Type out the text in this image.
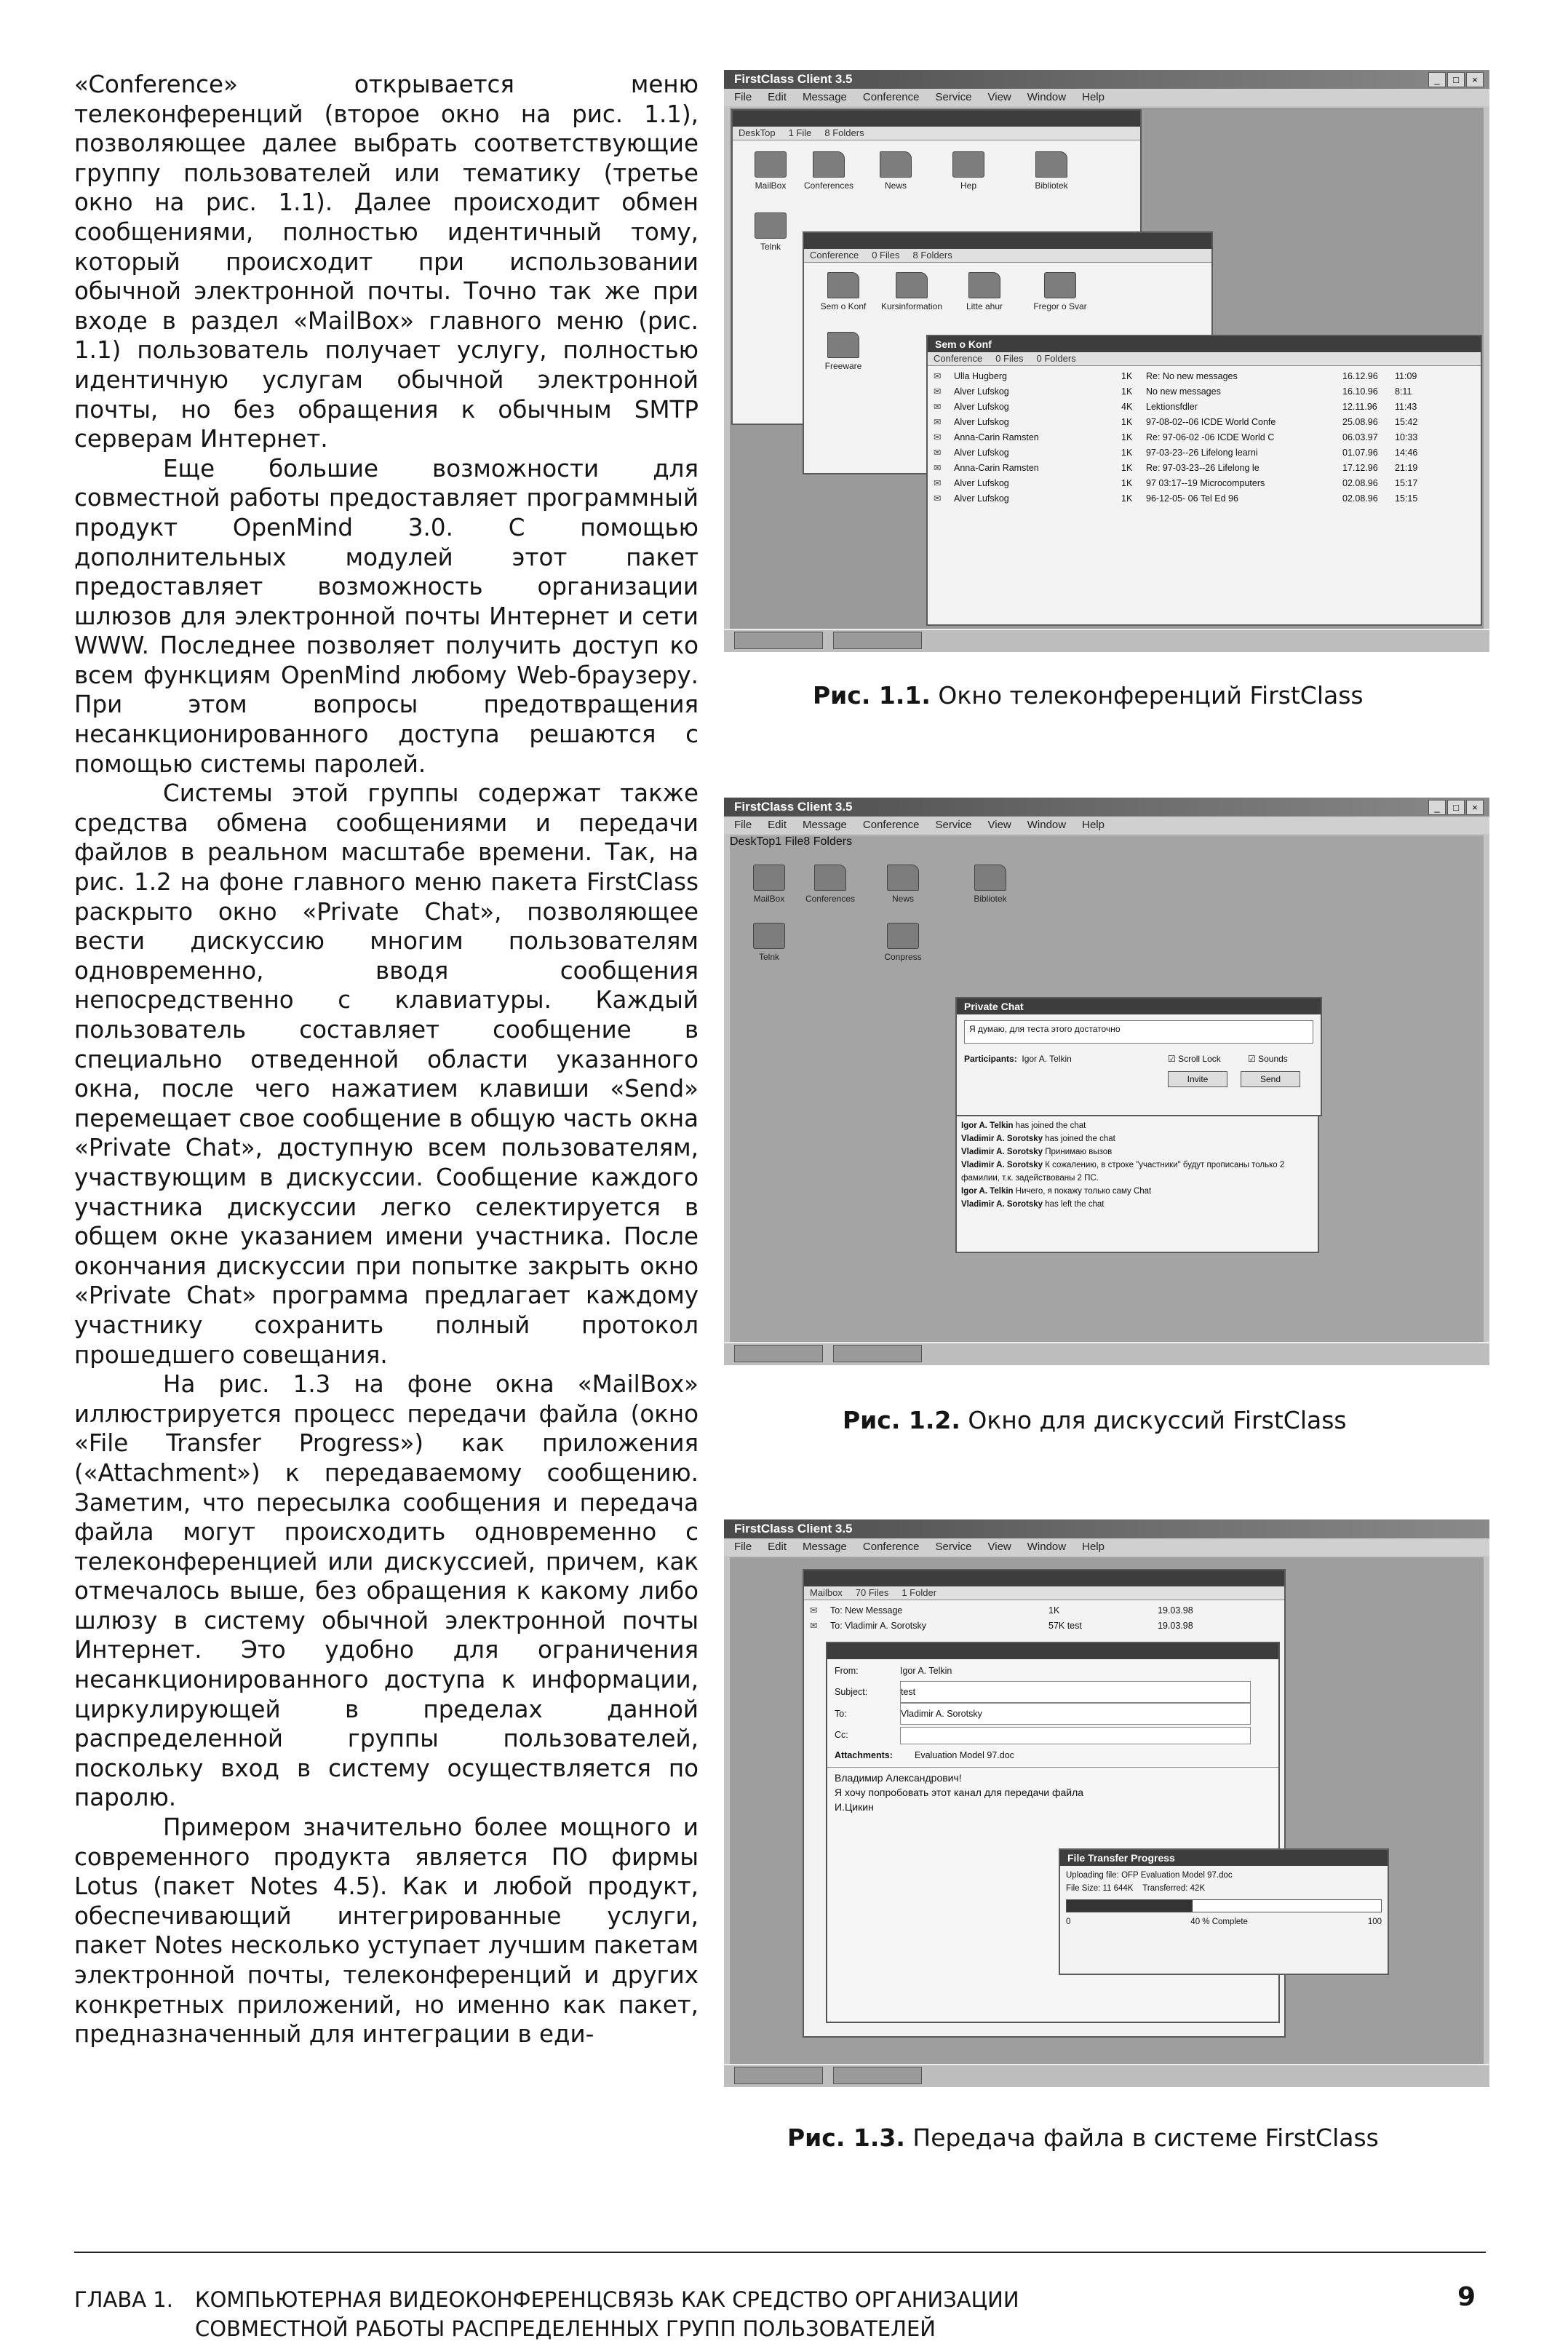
«Conference» открывается меню телеконференций (второе окно на рис. 1.1), позволяющее далее выбрать соответствующие группу пользователей или тематику (третье окно на рис. 1.1). Далее происходит обмен сообщениями, полностью идентичный тому, который происходит при использовании обычной электронной почты. Точно так же при входе в раздел «MailBox» главного меню (рис. 1.1) пользователь получает услугу, полностью идентичную услугам обычной электронной почты, но без обращения к обычным SMTP серверам Интернет.

Еще большие возможности для совместной работы предоставляет программный продукт OpenMind 3.0. С помощью дополнительных модулей этот пакет предоставляет возможность организации шлюзов для электронной почты Интернет и сети WWW. Последнее позволяет получить доступ ко всем функциям OpenMind любому Web-браузеру. При этом вопросы предотвращения несанкционированного доступа решаются с помощью системы паролей.

Системы этой группы содержат также средства обмена сообщениями и передачи файлов в реальном масштабе времени. Так, на рис. 1.2 на фоне главного меню пакета FirstClass раскрыто окно «Private Chat», позволяющее вести дискуссию многим пользователям одновременно, вводя сообщения непосредственно с клавиатуры. Каждый пользователь составляет сообщение в специально отведенной области указанного окна, после чего нажатием клавиши «Send» перемещает свое сообщение в общую часть окна «Private Chat», доступную всем пользователям, участвующим в дискуссии. Сообщение каждого участника дискуссии легко селектируется в общем окне указанием имени участника. После окончания дискуссии при попытке закрыть окно «Private Chat» программа предлагает каждому участнику сохранить полный протокол прошедшего совещания.

На рис. 1.3 на фоне окна «MailBox» иллюстрируется процесс передачи файла (окно «File Transfer Progress») как приложения («Attachment») к передаваемому сообщению. Заметим, что пересылка сообщения и передача файла могут происходить одновременно с телеконференцией или дискуссией, причем, как отмечалось выше, без обращения к какому либо шлюзу в систему обычной электронной почты Интернет. Это удобно для ограничения несанкционированного доступа к информации, циркулирующей в пределах данной распределенной группы пользователей, поскольку вход в систему осуществляется по паролю.

Примером значительно более мощного и современного продукта является ПО фирмы Lotus (пакет Notes 4.5). Как и любой продукт, обеспечивающий интегрированные услуги, пакет Notes несколько уступает лучшим пакетам электронной почты, телеконференций и других конкретных приложений, но именно как пакет, предназначенный для интеграции в еди-

FirstClass Client 3.5	_	□	×
File Edit Message Conference Service View Window Help

DeskTop 1 File 8 Folders
MailBox	Conferences	News	Hep	Bibliotek
Telnk

Conference 0 Files 8 Folders
Sem o Konf	Kursinformation	Litte ahur	Fregor o Svar
Freeware
Sem o Konf
Conference 0 Files 0 Folders
✉	Ulla Hugberg	1K	Re: No new messages	16.12.96	11:09
✉	Alver Lufskog	1K	No new messages	16.10.96	8:11
✉	Alver Lufskog	4K	Lektionsfdler	12.11.96	11:43
✉	Alver Lufskog	1K	97-08-02--06 ICDE World Confe	25.08.96	15:42
✉	Anna-Carin Ramsten	1K	Re: 97-06-02 -06 ICDE World C	06.03.97	10:33
✉	Alver Lufskog	1K	97-03-23--26 Lifelong learni	01.07.96	14:46
✉	Anna-Carin Ramsten	1K	Re: 97-03-23--26 Lifelong le	17.12.96	21:19
✉	Alver Lufskog	1K	97 03:17--19 Microcomputers	02.08.96	15:17
✉	Alver Lufskog	1K	96-12-05- 06 Tel Ed 96	02.08.96	15:15
Рис. 1.1. Окно телеконференций FirstClass
FirstClass Client 3.5	_	□	×
File Edit Message Conference Service View Window Help
DeskTop1 File8 Folders
MailBox	Conferences	News	Bibliotek
Telnk	Conpress
Private Chat
Я думаю, для теста этого достаточно
Participants: Igor A. Telkin	☑ Scroll Lock	☑ Sounds
Invite	Send
Igor A. Telkin has joined the chat
Vladimir A. Sorotsky has joined the chat
Vladimir A. Sorotsky Принимаю вызов
Vladimir A. Sorotsky К сожалению, в строке "участники" будут прописаны только 2 фамилии, т.к. задействованы 2 ПС.
Igor A. Telkin Ничего, я покажу только саму Chat
Vladimir A. Sorotsky has left the chat
Рис. 1.2. Окно для дискуссий FirstClass
FirstClass Client 3.5
File Edit Message Conference Service View Window Help

Mailbox 70 Files 1 Folder
✉	To: New Message	1K	19.03.98
✉	To: Vladimir A. Sorotsky	57K test	19.03.98

From:	Igor A. Telkin
Subject:	test
To:	Vladimir A. Sorotsky
Cc:
Attachments: Evaluation Model 97.doc
Владимир Александрович!
Я хочу попробовать этот канал для передачи файла
И.Цикин
File Transfer Progress
Uploading file: OFP Evaluation Model 97.doc
File Size: 11 644K Transferred: 42K
0	40 % Complete	100
Рис. 1.3. Передача файла в системе FirstClass
ГЛАВА 1. КОМПЬЮТЕРНАЯ ВИДЕОКОНФЕРЕНЦСВЯЗЬ КАК СРЕДСТВО ОРГАНИЗАЦИИ
СОВМЕСТНОЙ РАБОТЫ РАСПРЕДЕЛЕННЫХ ГРУПП ПОЛЬЗОВАТЕЛЕЙ
9
